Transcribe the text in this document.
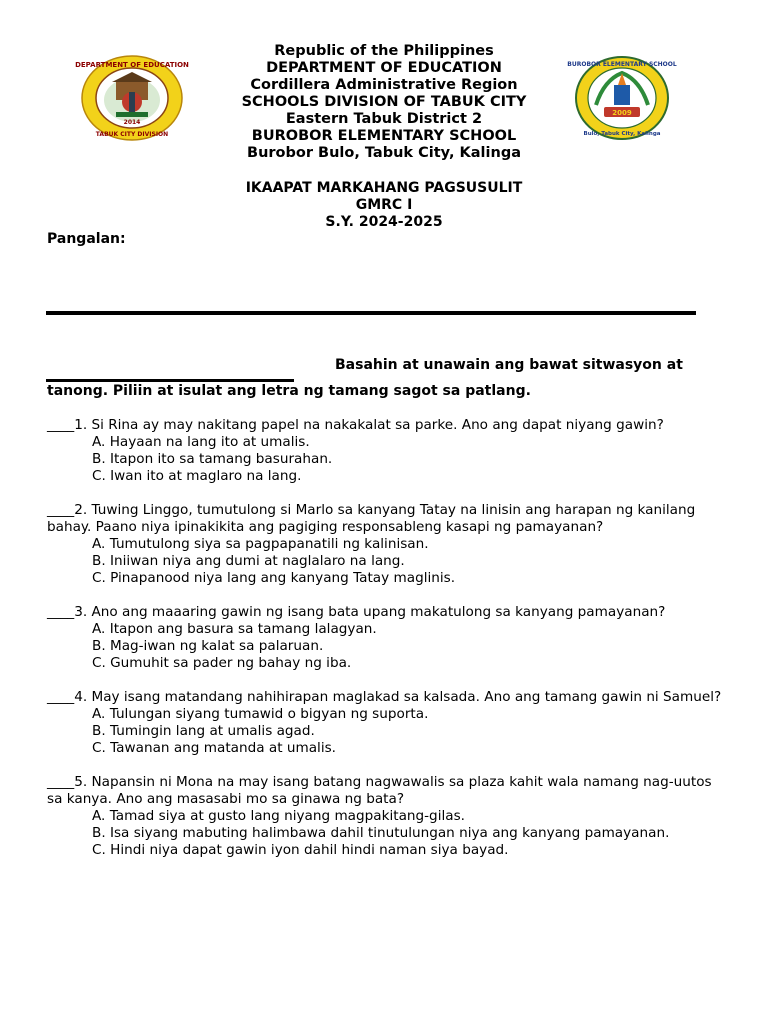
DEPARTMENT OF EDUCATION
TABUK CITY DIVISION
2014
2009
BUROBOR ELEMENTARY SCHOOL
Bulo, Tabuk City, Kalinga
Republic of the Philippines
DEPARTMENT OF EDUCATION
Cordillera Administrative Region
SCHOOLS DIVISION OF TABUK CITY
Eastern Tabuk District 2
BUROBOR ELEMENTARY SCHOOL
Burobor Bulo, Tabuk City, Kalinga
IKAAPAT MARKAHANG PAGSUSULIT
GMRC I
S.Y. 2024-2025
Pangalan:
Basahin at unawain ang bawat sitwasyon at
tanong. Piliin at isulat ang letra ng tamang sagot sa patlang.
____1. Si Rina ay may nakitang papel na nakakalat sa parke. Ano ang dapat niyang gawin?
A. Hayaan na lang ito at umalis.
B. Itapon ito sa tamang basurahan.
C. Iwan ito at maglaro na lang.
____2. Tuwing Linggo, tumutulong si Marlo sa kanyang Tatay na linisin ang harapan ng kanilang bahay. Paano niya ipinakikita ang pagiging responsableng kasapi ng pamayanan?
A. Tumutulong siya sa pagpapanatili ng kalinisan.
B. Iniiwan niya ang dumi at naglalaro na lang.
C. Pinapanood niya lang ang kanyang Tatay maglinis.
____3. Ano ang maaaring gawin ng isang bata upang makatulong sa kanyang pamayanan?
A. Itapon ang basura sa tamang lalagyan.
B. Mag-iwan ng kalat sa palaruan.
C. Gumuhit sa pader ng bahay ng iba.
____4. May isang matandang nahihirapan maglakad sa kalsada. Ano ang tamang gawin ni Samuel?
A. Tulungan siyang tumawid o bigyan ng suporta.
B. Tumingin lang at umalis agad.
C. Tawanan ang matanda at umalis.
____5. Napansin ni Mona na may isang batang nagwawalis sa plaza kahit wala namang nag-uutos sa kanya. Ano ang masasabi mo sa ginawa ng bata?
A. Tamad siya at gusto lang niyang magpakitang-gilas.
B. Isa siyang mabuting halimbawa dahil tinutulungan niya ang kanyang pamayanan.
C. Hindi niya dapat gawin iyon dahil hindi naman siya bayad.
